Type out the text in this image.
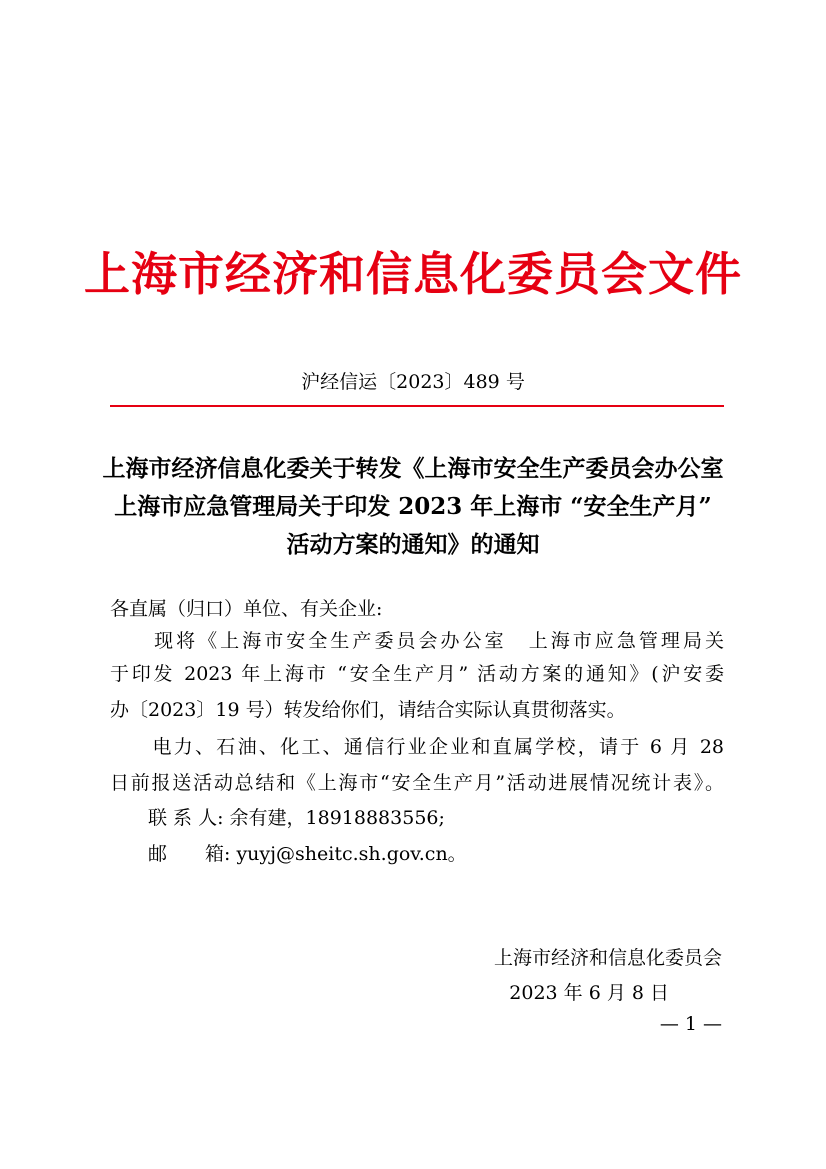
上海市经济和信息化委员会文件
沪经信运〔2023〕489 号
上海市经济信息化委关于转发《上海市安全生产委员会办公室
上海市应急管理局关于印发 2023 年上海市 “安全生产月”
活动方案的通知》的通知
各直属（归口）单位、有关企业:
　　现将《上海市安全生产委员会办公室　上海市应急管理局关
于印发 2023 年上海市 “安全生产月” 活动方案的通知》(沪安委
办〔2023〕19 号）转发给你们，请结合实际认真贯彻落实。
　　电力、石油、化工、通信行业企业和直属学校，请于 6 月 28
日前报送活动总结和《上海市“安全生产月”活动进展情况统计表》。
　　联 系 人: 余有建，18918883556;
　　邮　　箱: yuyj@sheitc.sh.gov.cn。
上海市经济和信息化委员会
2023 年 6 月 8 日
— 1 —
